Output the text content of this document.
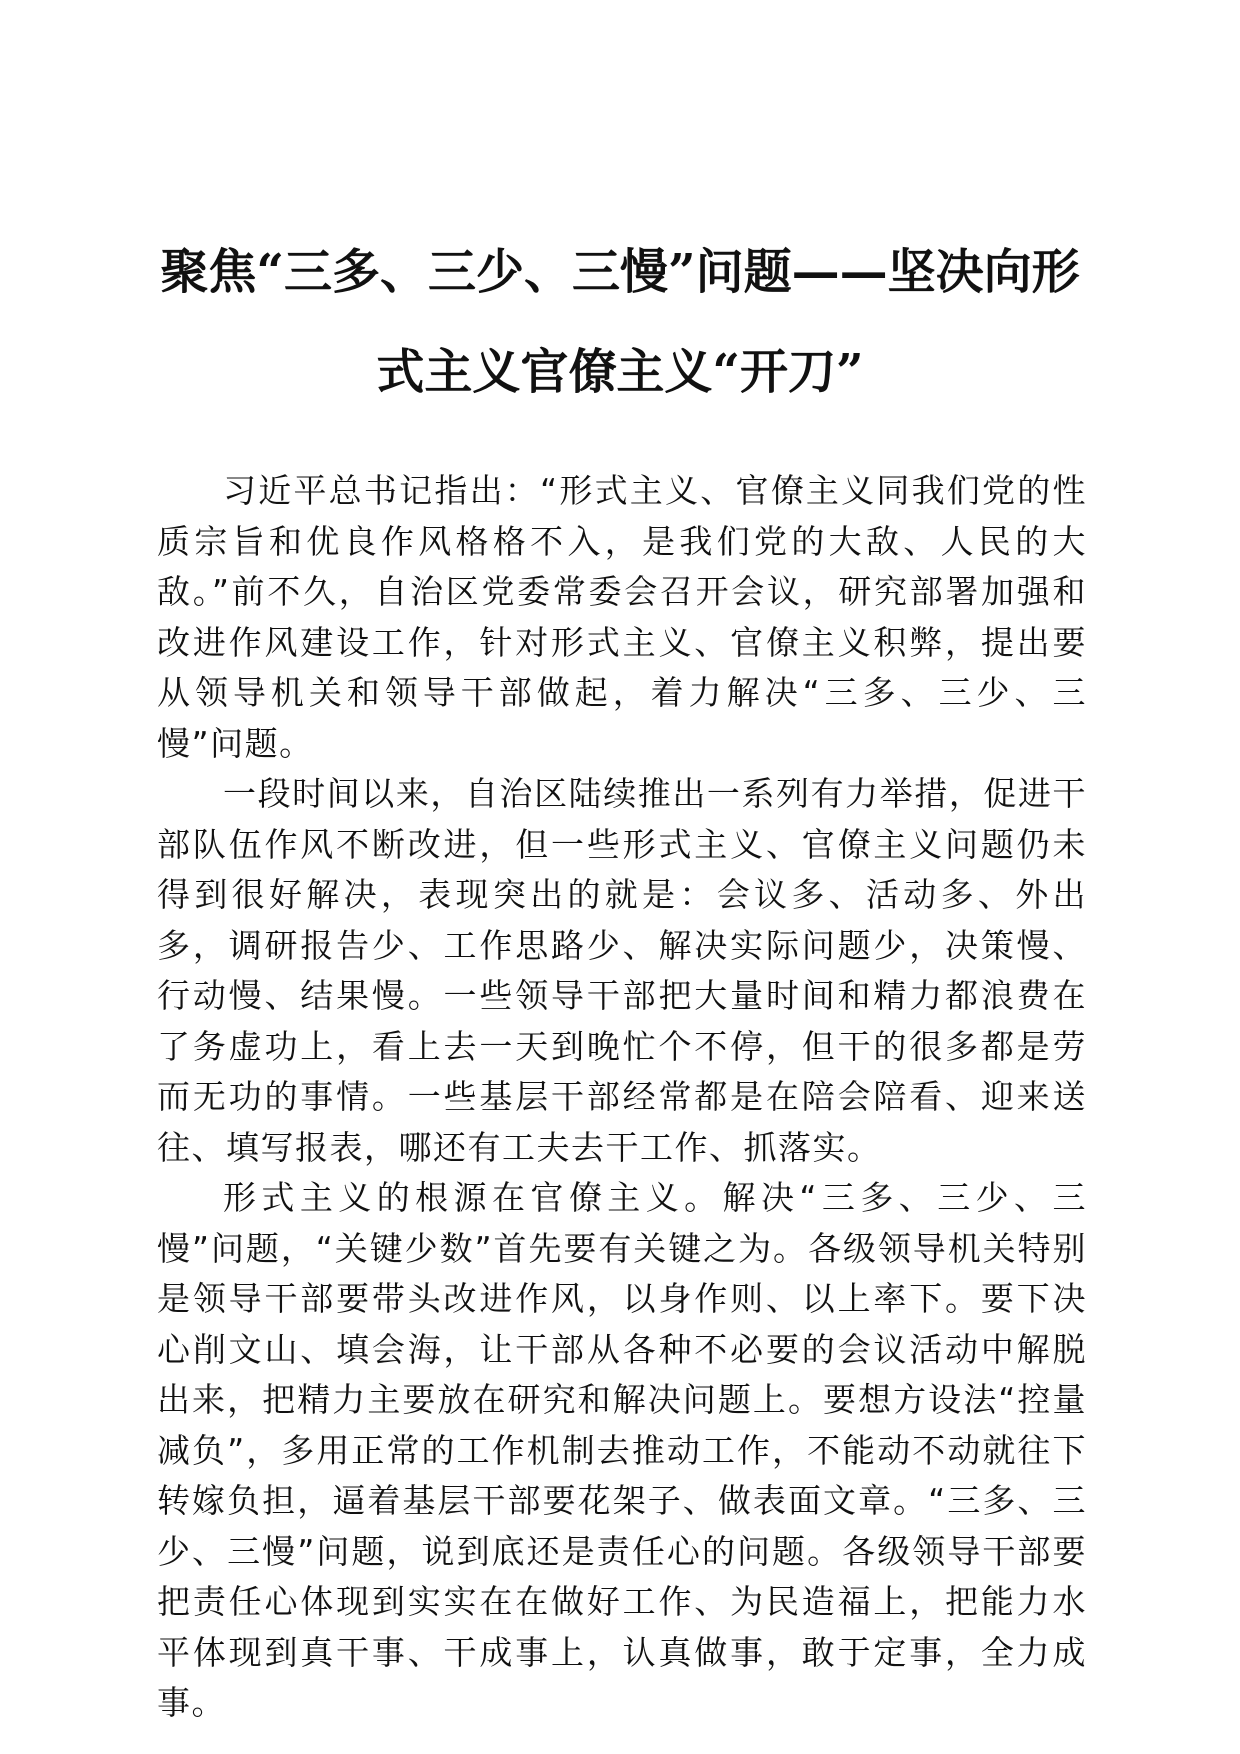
聚焦“三多、三少、三慢”问题——坚决向形
式主义官僚主义“开刀”

习近平总书记指出：“形式主义、官僚主义同我们党的性质宗旨和优良作风格格不入，是我们党的大敌、人民的大敌。”前不久，自治区党委常委会召开会议，研究部署加强和改进作风建设工作，针对形式主义、官僚主义积弊，提出要从领导机关和领导干部做起，着力解决“三多、三少、三慢”问题。

一段时间以来，自治区陆续推出一系列有力举措，促进干部队伍作风不断改进，但一些形式主义、官僚主义问题仍未得到很好解决，表现突出的就是：会议多、活动多、外出多，调研报告少、工作思路少、解决实际问题少，决策慢、行动慢、结果慢。一些领导干部把大量时间和精力都浪费在了务虚功上，看上去一天到晚忙个不停，但干的很多都是劳而无功的事情。一些基层干部经常都是在陪会陪看、迎来送往、填写报表，哪还有工夫去干工作、抓落实。

形式主义的根源在官僚主义。解决“三多、三少、三慢”问题，“关键少数”首先要有关键之为。各级领导机关特别是领导干部要带头改进作风，以身作则、以上率下。要下决心削文山、填会海，让干部从各种不必要的会议活动中解脱出来，把精力主要放在研究和解决问题上。要想方设法“控量减负”，多用正常的工作机制去推动工作，不能动不动就往下转嫁负担，逼着基层干部要花架子、做表面文章。“三多、三少、三慢”问题，说到底还是责任心的问题。各级领导干部要把责任心体现到实实在在做好工作、为民造福上，把能力水平体现到真干事、干成事上，认真做事，敢于定事，全力成事。
